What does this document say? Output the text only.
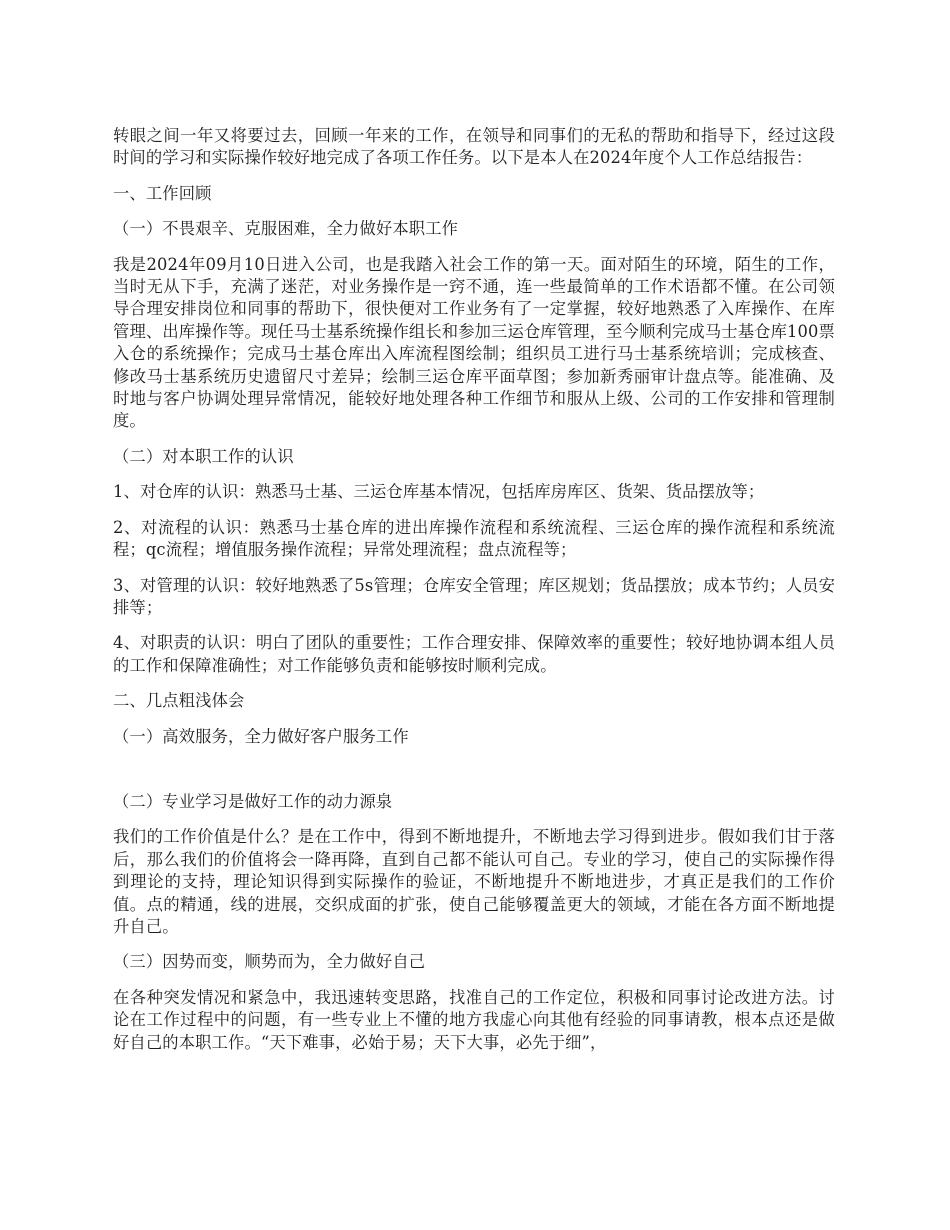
转眼之间一年又将要过去，回顾一年来的工作，在领导和同事们的无私的帮助和指导下，经过这段时间的学习和实际操作较好地完成了各项工作任务。以下是本人在2024年度个人工作总结报告：

一、工作回顾
（一）不畏艰辛、克服困难，全力做好本职工作

我是2024年09月10日进入公司，也是我踏入社会工作的第一天。面对陌生的环境，陌生的工作，当时无从下手，充满了迷茫，对业务操作是一窍不通，连一些最简单的工作术语都不懂。在公司领导合理安排岗位和同事的帮助下，很快便对工作业务有了一定掌握，较好地熟悉了入库操作、在库管理、出库操作等。现任马士基系统操作组长和参加三运仓库管理，至今顺利完成马士基仓库100票入仓的系统操作；完成马士基仓库出入库流程图绘制；组织员工进行马士基系统培训；完成核查、修改马士基系统历史遗留尺寸差异；绘制三运仓库平面草图；参加新秀丽审计盘点等。能准确、及时地与客户协调处理异常情况，能较好地处理各种工作细节和服从上级、公司的工作安排和管理制度。

（二）对本职工作的认识

1、对仓库的认识：熟悉马士基、三运仓库基本情况，包括库房库区、货架、货品摆放等；

2、对流程的认识：熟悉马士基仓库的进出库操作流程和系统流程、三运仓库的操作流程和系统流程；qc流程；增值服务操作流程；异常处理流程；盘点流程等；

3、对管理的认识：较好地熟悉了5s管理；仓库安全管理；库区规划；货品摆放；成本节约；人员安排等；

4、对职责的认识：明白了团队的重要性；工作合理安排、保障效率的重要性；较好地协调本组人员的工作和保障准确性；对工作能够负责和能够按时顺利完成。

二、几点粗浅体会
（一）高效服务，全力做好客户服务工作
（二）专业学习是做好工作的动力源泉

我们的工作价值是什么？是在工作中，得到不断地提升，不断地去学习得到进步。假如我们甘于落后，那么我们的价值将会一降再降，直到自己都不能认可自己。专业的学习，使自己的实际操作得到理论的支持，理论知识得到实际操作的验证，不断地提升不断地进步，才真正是我们的工作价值。点的精通，线的进展，交织成面的扩张，使自己能够覆盖更大的领域，才能在各方面不断地提升自己。

（三）因势而变，顺势而为，全力做好自己

在各种突发情况和紧急中，我迅速转变思路，找准自己的工作定位，积极和同事讨论改进方法。讨论在工作过程中的问题，有一些专业上不懂的地方我虚心向其他有经验的同事请教，根本点还是做好自己的本职工作。“天下难事，必始于易；天下大事，必先于细”，
